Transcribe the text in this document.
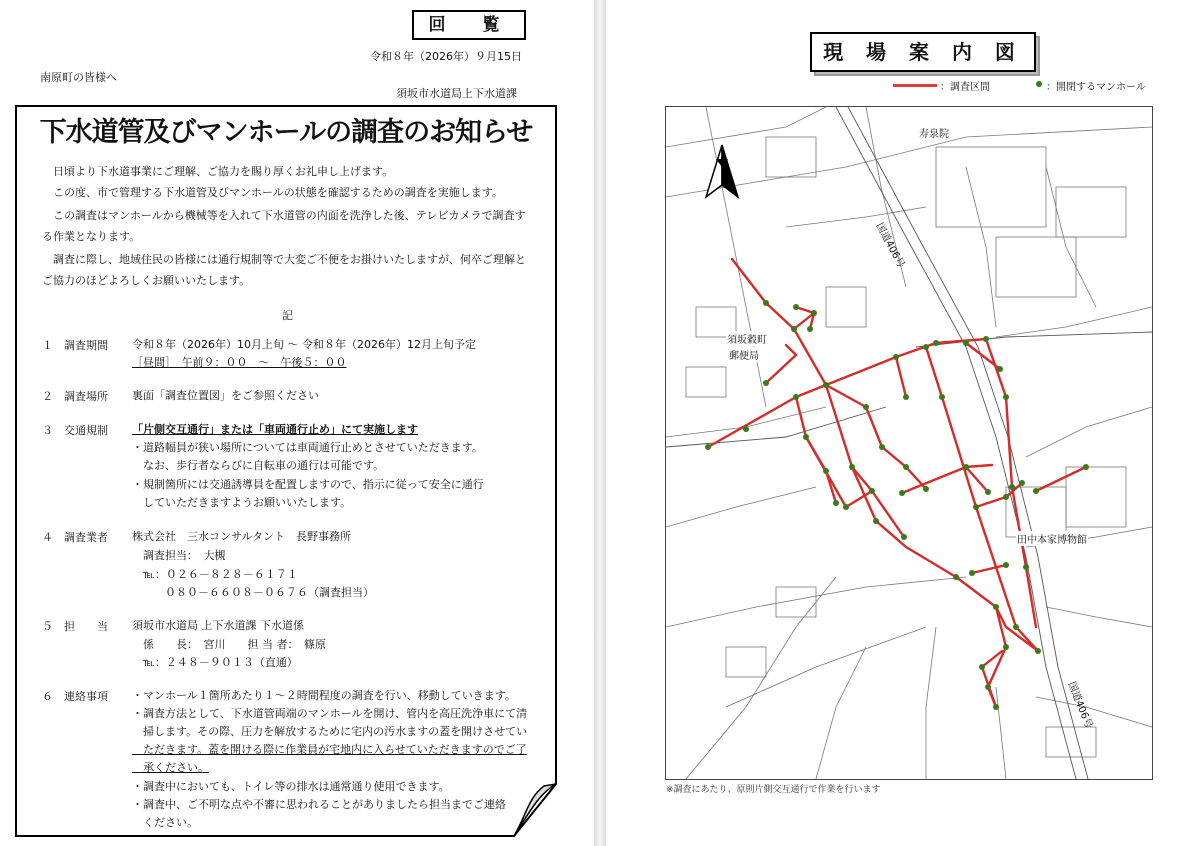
回　覧
令和８年（2026年）９月15日
南原町の皆様へ
須坂市水道局上下水道課
下水道管及びマンホールの調査のお知らせ
日頃より下水道事業にご理解、ご協力を賜り厚くお礼申し上げます。
この度、市で管理する下水道管及びマンホールの状態を確認するための調査を実施します。
この調査はマンホールから機械等を入れて下水道管の内面を洗浄した後、テレビカメラで調査す
る作業となります。
調査に際し、地域住民の皆様には通行規制等で大変ご不便をお掛けいたしますが、何卒ご理解と
ご協力のほどよろしくお願いいたします。
記
１ 調査期間 令和８年（2026年）10月上旬 ～ 令和８年（2026年）12月上旬予定
［昼間］　午前９：００　～　午後５：００
２ 調査場所 裏面「調査位置図」をご参照ください
３ 交通規制 「片側交互通行」または「車両通行止め」にて実施します
・道路幅員が狭い場所については車両通行止めとさせていただきます。
　なお、歩行者ならびに自転車の通行は可能です。
・規制箇所には交通誘導員を配置しますので、指示に従って安全に通行
　していただきますようお願いいたします。
４ 調査業者 株式会社　三水コンサルタント　長野事務所
　調査担当：　大槻
　℡：０２６－８２８－６１７１
　　　０８０－６６０８－０６７６（調査担当）
５ 担　　当 須坂市水道局 上下水道課 下水道係
　係　　長：　宮川　　担 当 者：　篠原
　℡：２４８－９０１３（直通）
６ 連絡事項 ・マンホール１箇所あたり１～２時間程度の調査を行い、移動していきます。
・調査方法として、下水道管両端のマンホールを開け、管内を高圧洗浄車にて清
　掃します。その際、圧力を解放するために宅内の汚水ますの蓋を開けさせてい
　ただきます。蓋を開ける際に作業員が宅地内に入らせていただきますのでご了
　承ください。
・調査中においても、トイレ等の排水は通常通り使用できます。
・調査中、ご不明な点や不審に思われることがありましたら担当までご連絡
　ください。
現 場 案 内 図
：調査区間	：開閉するマンホール
寿泉院
須坂穀町
郵便局
田中本家博物館
国道406号
国道406号
※調査にあたり、原則片側交互通行で作業を行います
